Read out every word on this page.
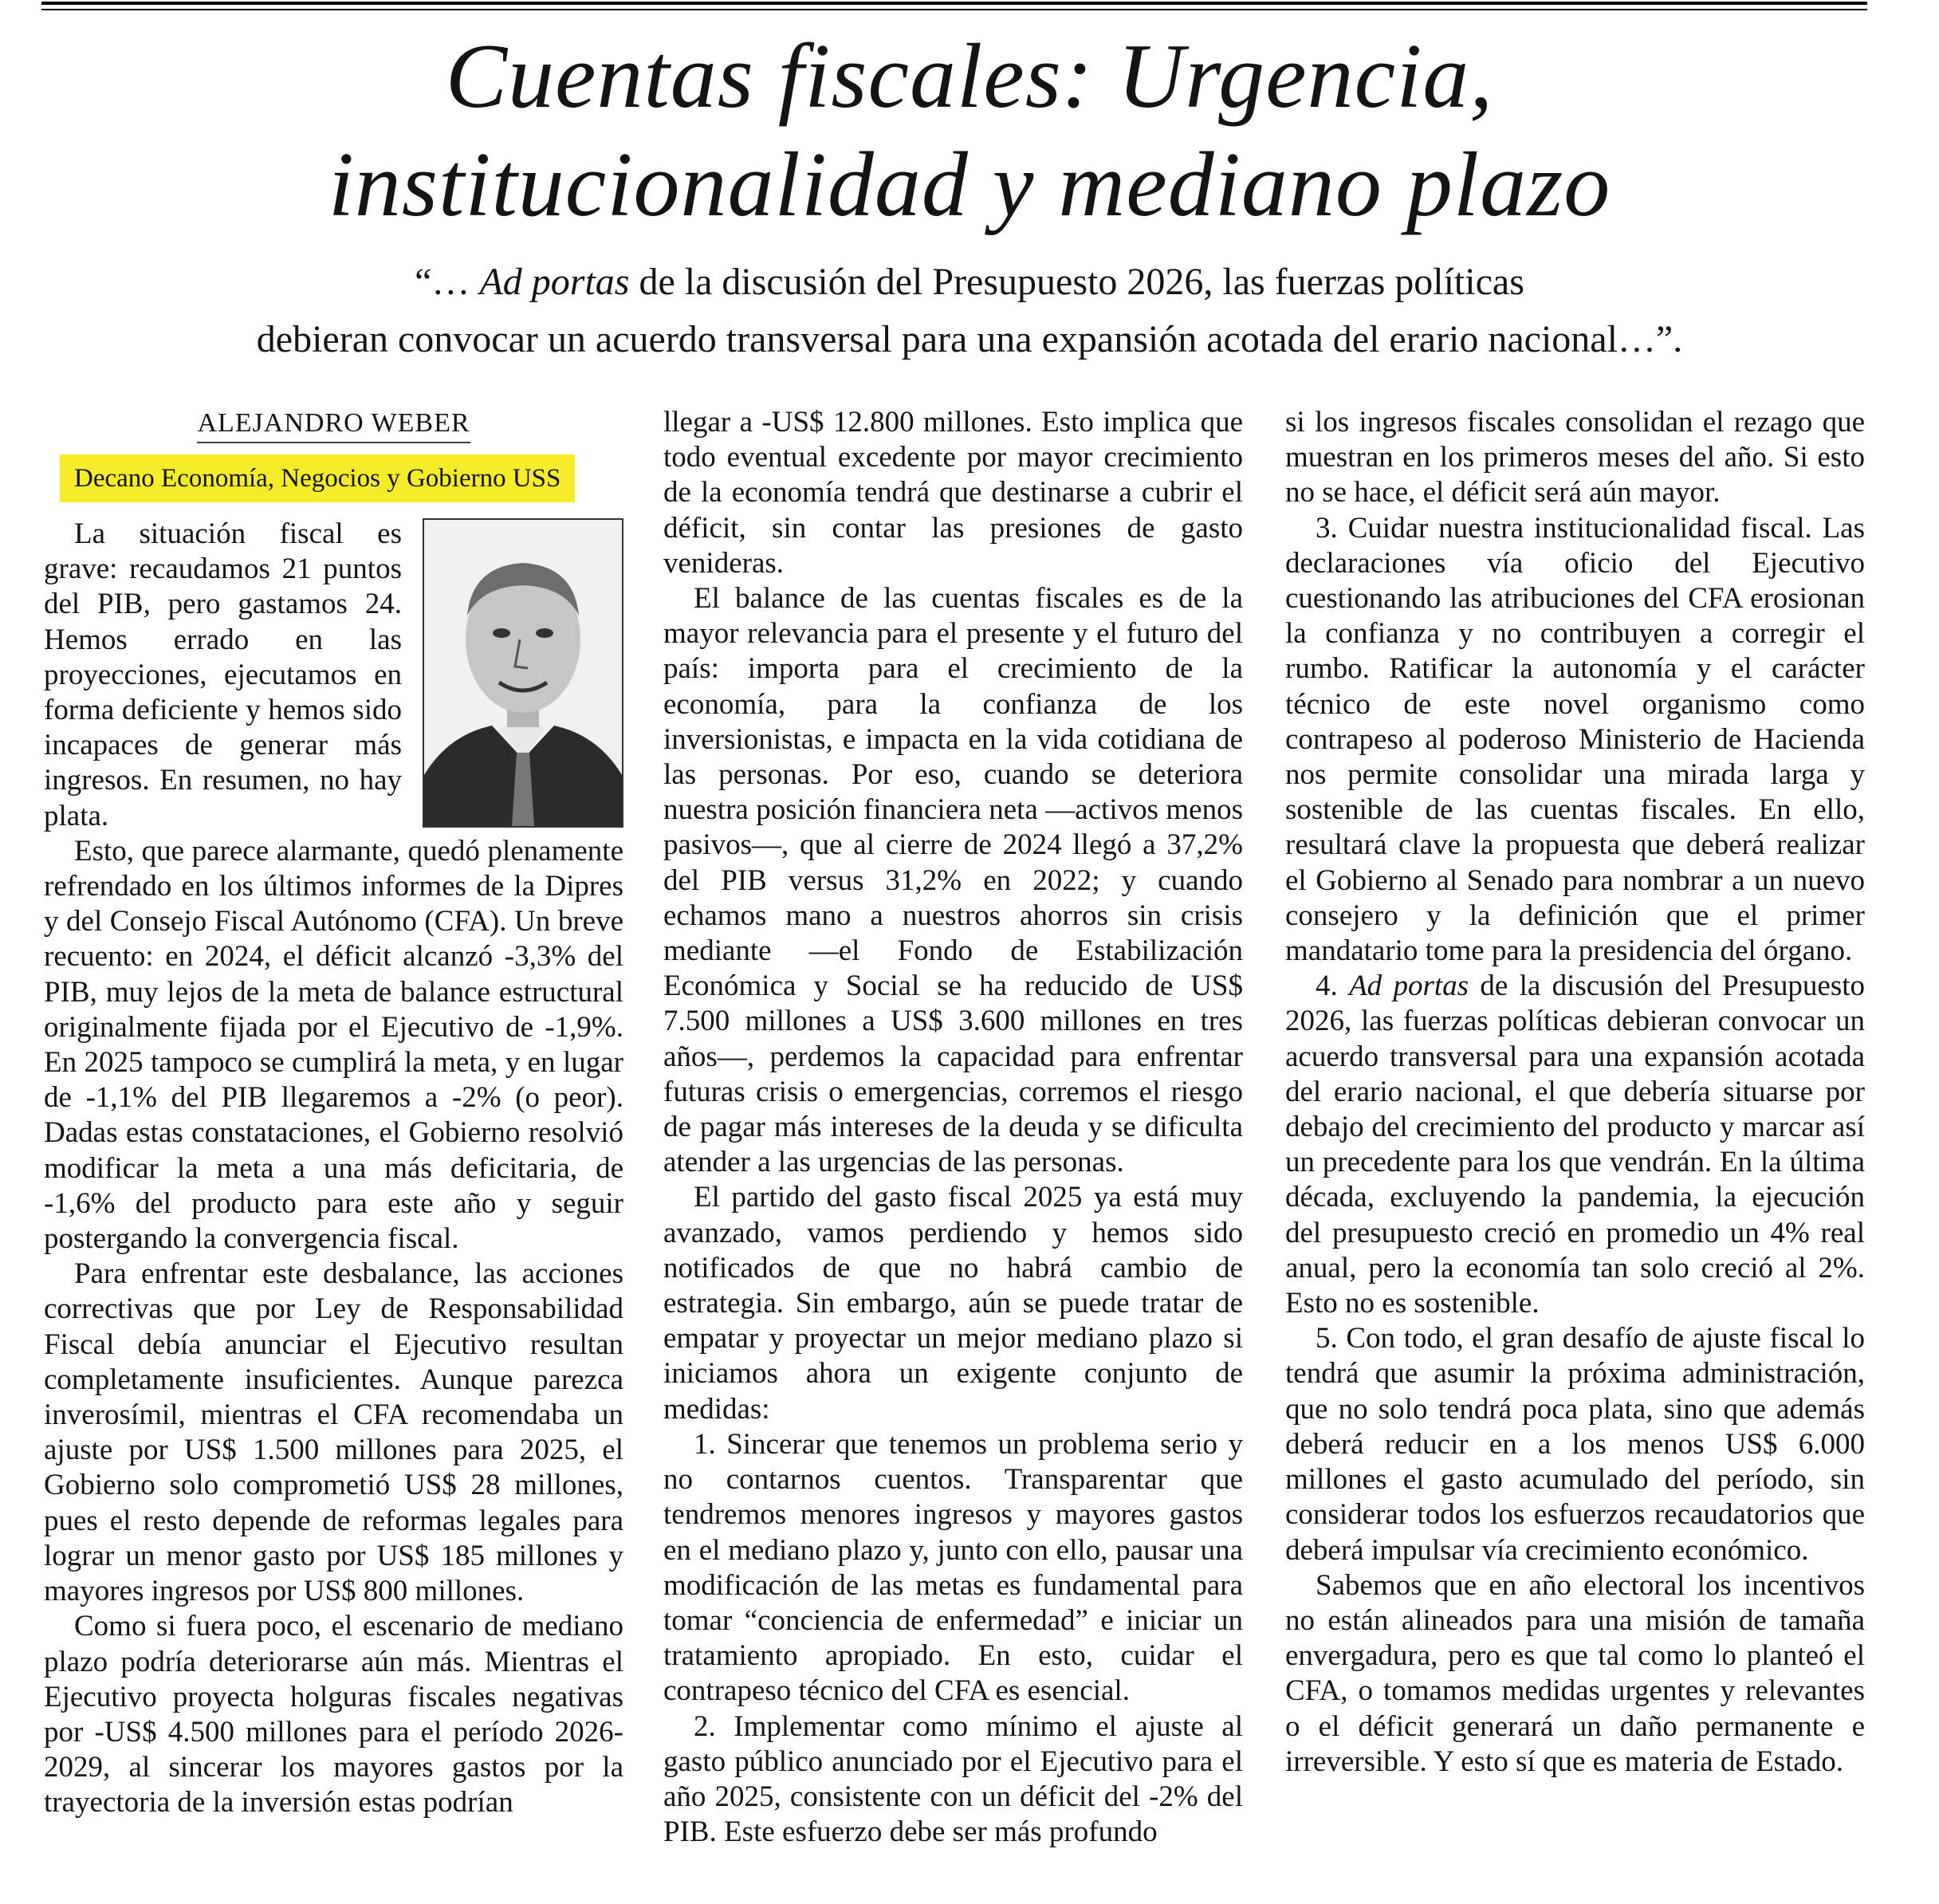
Cuentas fiscales: Urgencia,
institucionalidad y mediano plazo
“… Ad portas de la discusión del Presupuesto 2026, las fuerzas políticas
debieran convocar un acuerdo transversal para una expansión acotada del erario nacional…”.
ALEJANDRO WEBER
Decano Economía, Negocios y Gobierno USS

La situación fiscal es grave: recaudamos 21 puntos del PIB, pero gastamos 24. Hemos errado en las proyecciones, ejecutamos en forma deficiente y hemos sido incapaces de generar más ingresos. En resumen, no hay plata.

Esto, que parece alarmante, quedó plenamente refrendado en los últimos informes de la Dipres y del Consejo Fiscal Autónomo (CFA). Un breve recuento: en 2024, el déficit alcanzó -3,3% del PIB, muy lejos de la meta de balance estructural originalmente fijada por el Ejecutivo de -1,9%. En 2025 tampoco se cumplirá la meta, y en lugar de -1,1% del PIB llegaremos a -2% (o peor). Dadas estas constataciones, el Gobierno resolvió modificar la meta a una más deficitaria, de -1,6% del producto para este año y seguir postergando la convergencia fiscal.

Para enfrentar este desbalance, las acciones correctivas que por Ley de Responsabilidad Fiscal debía anunciar el Ejecutivo resultan completamente insuficientes. Aunque parezca inverosímil, mientras el CFA recomendaba un ajuste por US$ 1.500 millones para 2025, el Gobierno solo comprometió US$ 28 millones, pues el resto depende de reformas legales para lograr un menor gasto por US$ 185 millones y mayores ingresos por US$ 800 millones.

Como si fuera poco, el escenario de mediano plazo podría deteriorarse aún más. Mientras el Ejecutivo proyecta holguras fiscales negativas por -US$ 4.500 millones para el período 2026-2029, al sincerar los mayores gastos por la trayectoria de la inversión estas podrían

llegar a -US$ 12.800 millones. Esto implica que todo eventual excedente por mayor crecimiento de la economía tendrá que destinarse a cubrir el déficit, sin contar las presiones de gasto venideras.

El balance de las cuentas fiscales es de la mayor relevancia para el presente y el futuro del país: importa para el crecimiento de la economía, para la confianza de los inversionistas, e impacta en la vida cotidiana de las personas. Por eso, cuando se deteriora nuestra posición financiera neta —activos menos pasivos—, que al cierre de 2024 llegó a 37,2% del PIB versus 31,2% en 2022; y cuando echamos mano a nuestros ahorros sin crisis mediante —el Fondo de Estabilización Económica y Social se ha reducido de US$ 7.500 millones a US$ 3.600 millones en tres años—, perdemos la capacidad para enfrentar futuras crisis o emergencias, corremos el riesgo de pagar más intereses de la deuda y se dificulta atender a las urgencias de las personas.

El partido del gasto fiscal 2025 ya está muy avanzado, vamos perdiendo y hemos sido notificados de que no habrá cambio de estrategia. Sin embargo, aún se puede tratar de empatar y proyectar un mejor mediano plazo si iniciamos ahora un exigente conjunto de medidas:

1. Sincerar que tenemos un problema serio y no contarnos cuentos. Transparentar que tendremos menores ingresos y mayores gastos en el mediano plazo y, junto con ello, pausar una modificación de las metas es fundamental para tomar “conciencia de enfermedad” e iniciar un tratamiento apropiado. En esto, cuidar el contrapeso técnico del CFA es esencial.

2. Implementar como mínimo el ajuste al gasto público anunciado por el Ejecutivo para el año 2025, consistente con un déficit del -2% del PIB. Este esfuerzo debe ser más profundo

si los ingresos fiscales consolidan el rezago que muestran en los primeros meses del año. Si esto no se hace, el déficit será aún mayor.

3. Cuidar nuestra institucionalidad fiscal. Las declaraciones vía oficio del Ejecutivo cuestionando las atribuciones del CFA erosionan la confianza y no contribuyen a corregir el rumbo. Ratificar la autonomía y el carácter técnico de este novel organismo como contrapeso al poderoso Ministerio de Hacienda nos permite consolidar una mirada larga y sostenible de las cuentas fiscales. En ello, resultará clave la propuesta que deberá realizar el Gobierno al Senado para nombrar a un nuevo consejero y la definición que el primer mandatario tome para la presidencia del órgano.

4. Ad portas de la discusión del Presupuesto 2026, las fuerzas políticas debieran convocar un acuerdo transversal para una expansión acotada del erario nacional, el que debería situarse por debajo del crecimiento del producto y marcar así un precedente para los que vendrán. En la última década, excluyendo la pandemia, la ejecución del presupuesto creció en promedio un 4% real anual, pero la economía tan solo creció al 2%. Esto no es sostenible.

5. Con todo, el gran desafío de ajuste fiscal lo tendrá que asumir la próxima administración, que no solo tendrá poca plata, sino que además deberá reducir en a los menos US$ 6.000 millones el gasto acumulado del período, sin considerar todos los esfuerzos recaudatorios que deberá impulsar vía crecimiento económico.

Sabemos que en año electoral los incentivos no están alineados para una misión de tamaña envergadura, pero es que tal como lo planteó el CFA, o tomamos medidas urgentes y relevantes o el déficit generará un daño permanente e irreversible. Y esto sí que es materia de Estado.
